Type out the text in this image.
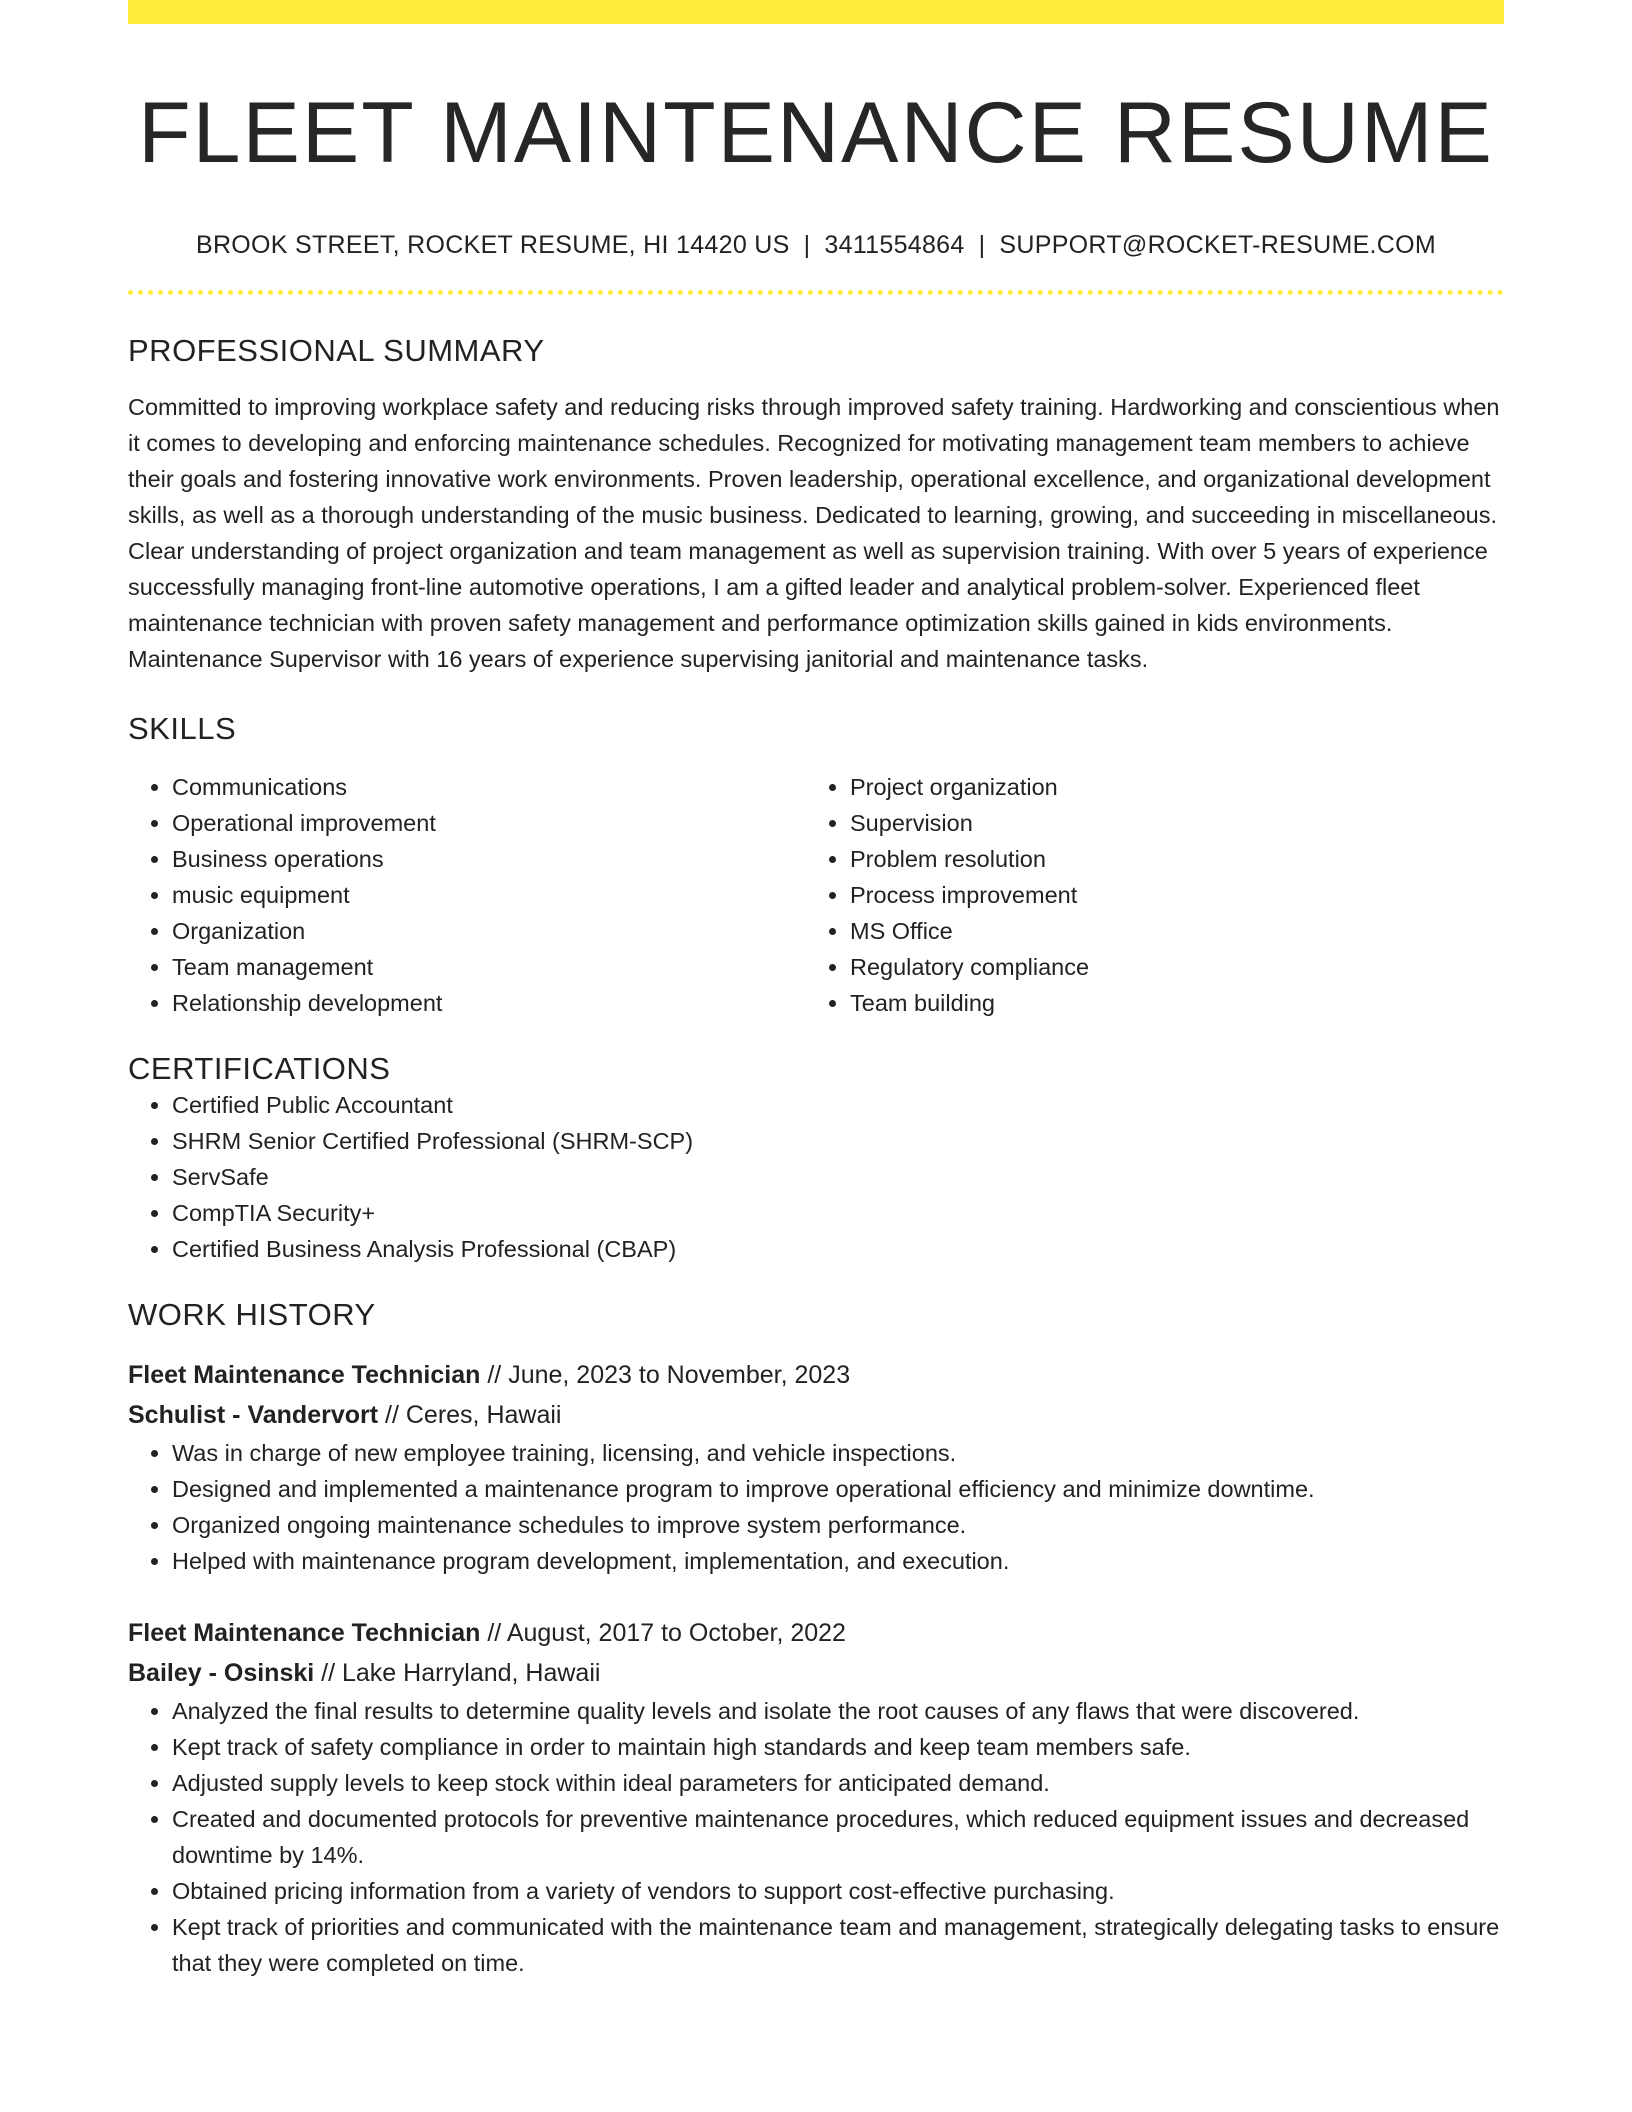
FLEET MAINTENANCE RESUME
BROOK STREET, ROCKET RESUME, HI 14420 US | 3411554864 | SUPPORT@ROCKET-RESUME.COM
PROFESSIONAL SUMMARY

Committed to improving workplace safety and reducing risks through improved safety training. Hardworking and conscientious when it comes to developing and enforcing maintenance schedules. Recognized for motivating management team members to achieve their goals and fostering innovative work environments. Proven leadership, operational excellence, and organizational development skills, as well as a thorough understanding of the music business. Dedicated to learning, growing, and succeeding in miscellaneous. Clear understanding of project organization and team management as well as supervision training. With over 5 years of experience successfully managing front-line automotive operations, I am a gifted leader and analytical problem-solver. Experienced fleet maintenance technician with proven safety management and performance optimization skills gained in kids environments. Maintenance Supervisor with 16 years of experience supervising janitorial and maintenance tasks.

SKILLS
• Communications
• Operational improvement
• Business operations
• music equipment
• Organization
• Team management
• Relationship development
• Project organization
• Supervision
• Problem resolution
• Process improvement
• MS Office
• Regulatory compliance
• Team building
CERTIFICATIONS
• Certified Public Accountant
• SHRM Senior Certified Professional (SHRM-SCP)
• ServSafe
• CompTIA Security+
• Certified Business Analysis Professional (CBAP)
WORK HISTORY
Fleet Maintenance Technician // June, 2023 to November, 2023
Schulist - Vandervort // Ceres, Hawaii
• Was in charge of new employee training, licensing, and vehicle inspections.
• Designed and implemented a maintenance program to improve operational efficiency and minimize downtime.
• Organized ongoing maintenance schedules to improve system performance.
• Helped with maintenance program development, implementation, and execution.
Fleet Maintenance Technician // August, 2017 to October, 2022
Bailey - Osinski // Lake Harryland, Hawaii
• Analyzed the final results to determine quality levels and isolate the root causes of any flaws that were discovered.
• Kept track of safety compliance in order to maintain high standards and keep team members safe.
• Adjusted supply levels to keep stock within ideal parameters for anticipated demand.
• Created and documented protocols for preventive maintenance procedures, which reduced equipment issues and decreased downtime by 14%.
• Obtained pricing information from a variety of vendors to support cost-effective purchasing.
• Kept track of priorities and communicated with the maintenance team and management, strategically delegating tasks to ensure that they were completed on time.
